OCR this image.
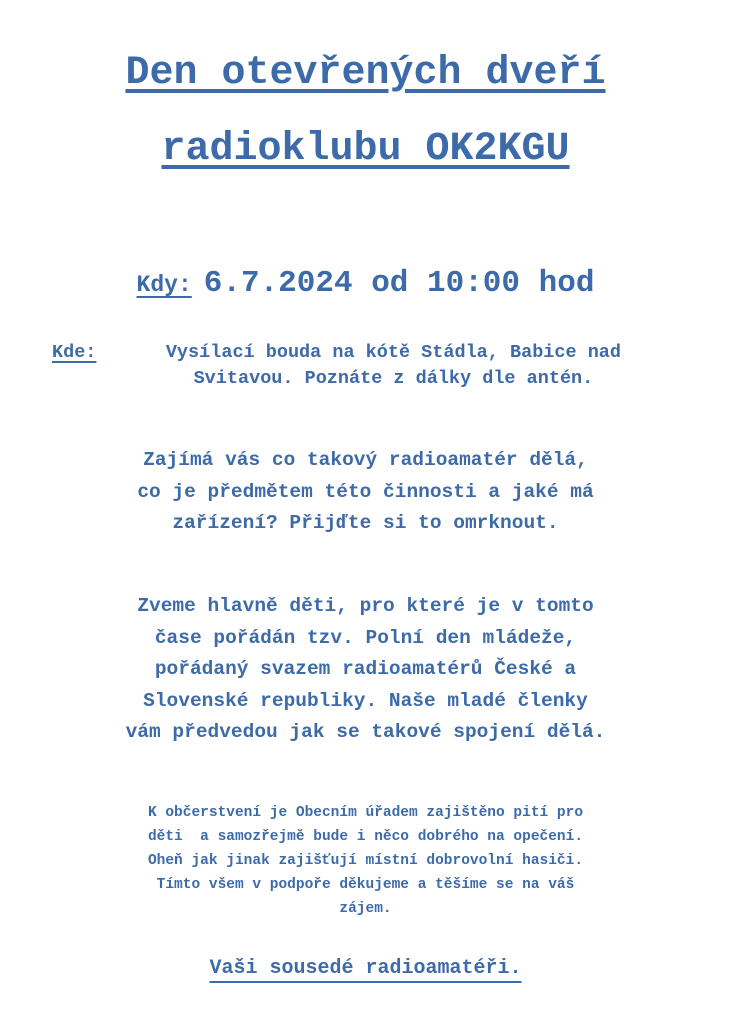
Den otevřených dveří
radioklubu OK2KGU
Kdy: 6.7.2024 od 10:00 hod
Kde:	Vysílací bouda na kótě Stádla, Babice nad
Svitavou. Poznáte z dálky dle antén.
Zajímá vás co takový radioamatér dělá,
co je předmětem této činnosti a jaké má
zařízení? Přijďte si to omrknout.
Zveme hlavně děti, pro které je v tomto
čase pořádán tzv. Polní den mládeže,
pořádaný svazem radioamatérů České a
Slovenské republiky. Naše mladé členky
vám předvedou jak se takové spojení dělá.
K občerstvení je Obecním úřadem zajištěno pití pro
děti  a samozřejmě bude i něco dobrého na opečení.
Oheň jak jinak zajišťují místní dobrovolní hasiči.
Tímto všem v podpoře děkujeme a těšíme se na váš
zájem.
Vaši sousedé radioamatéři.
